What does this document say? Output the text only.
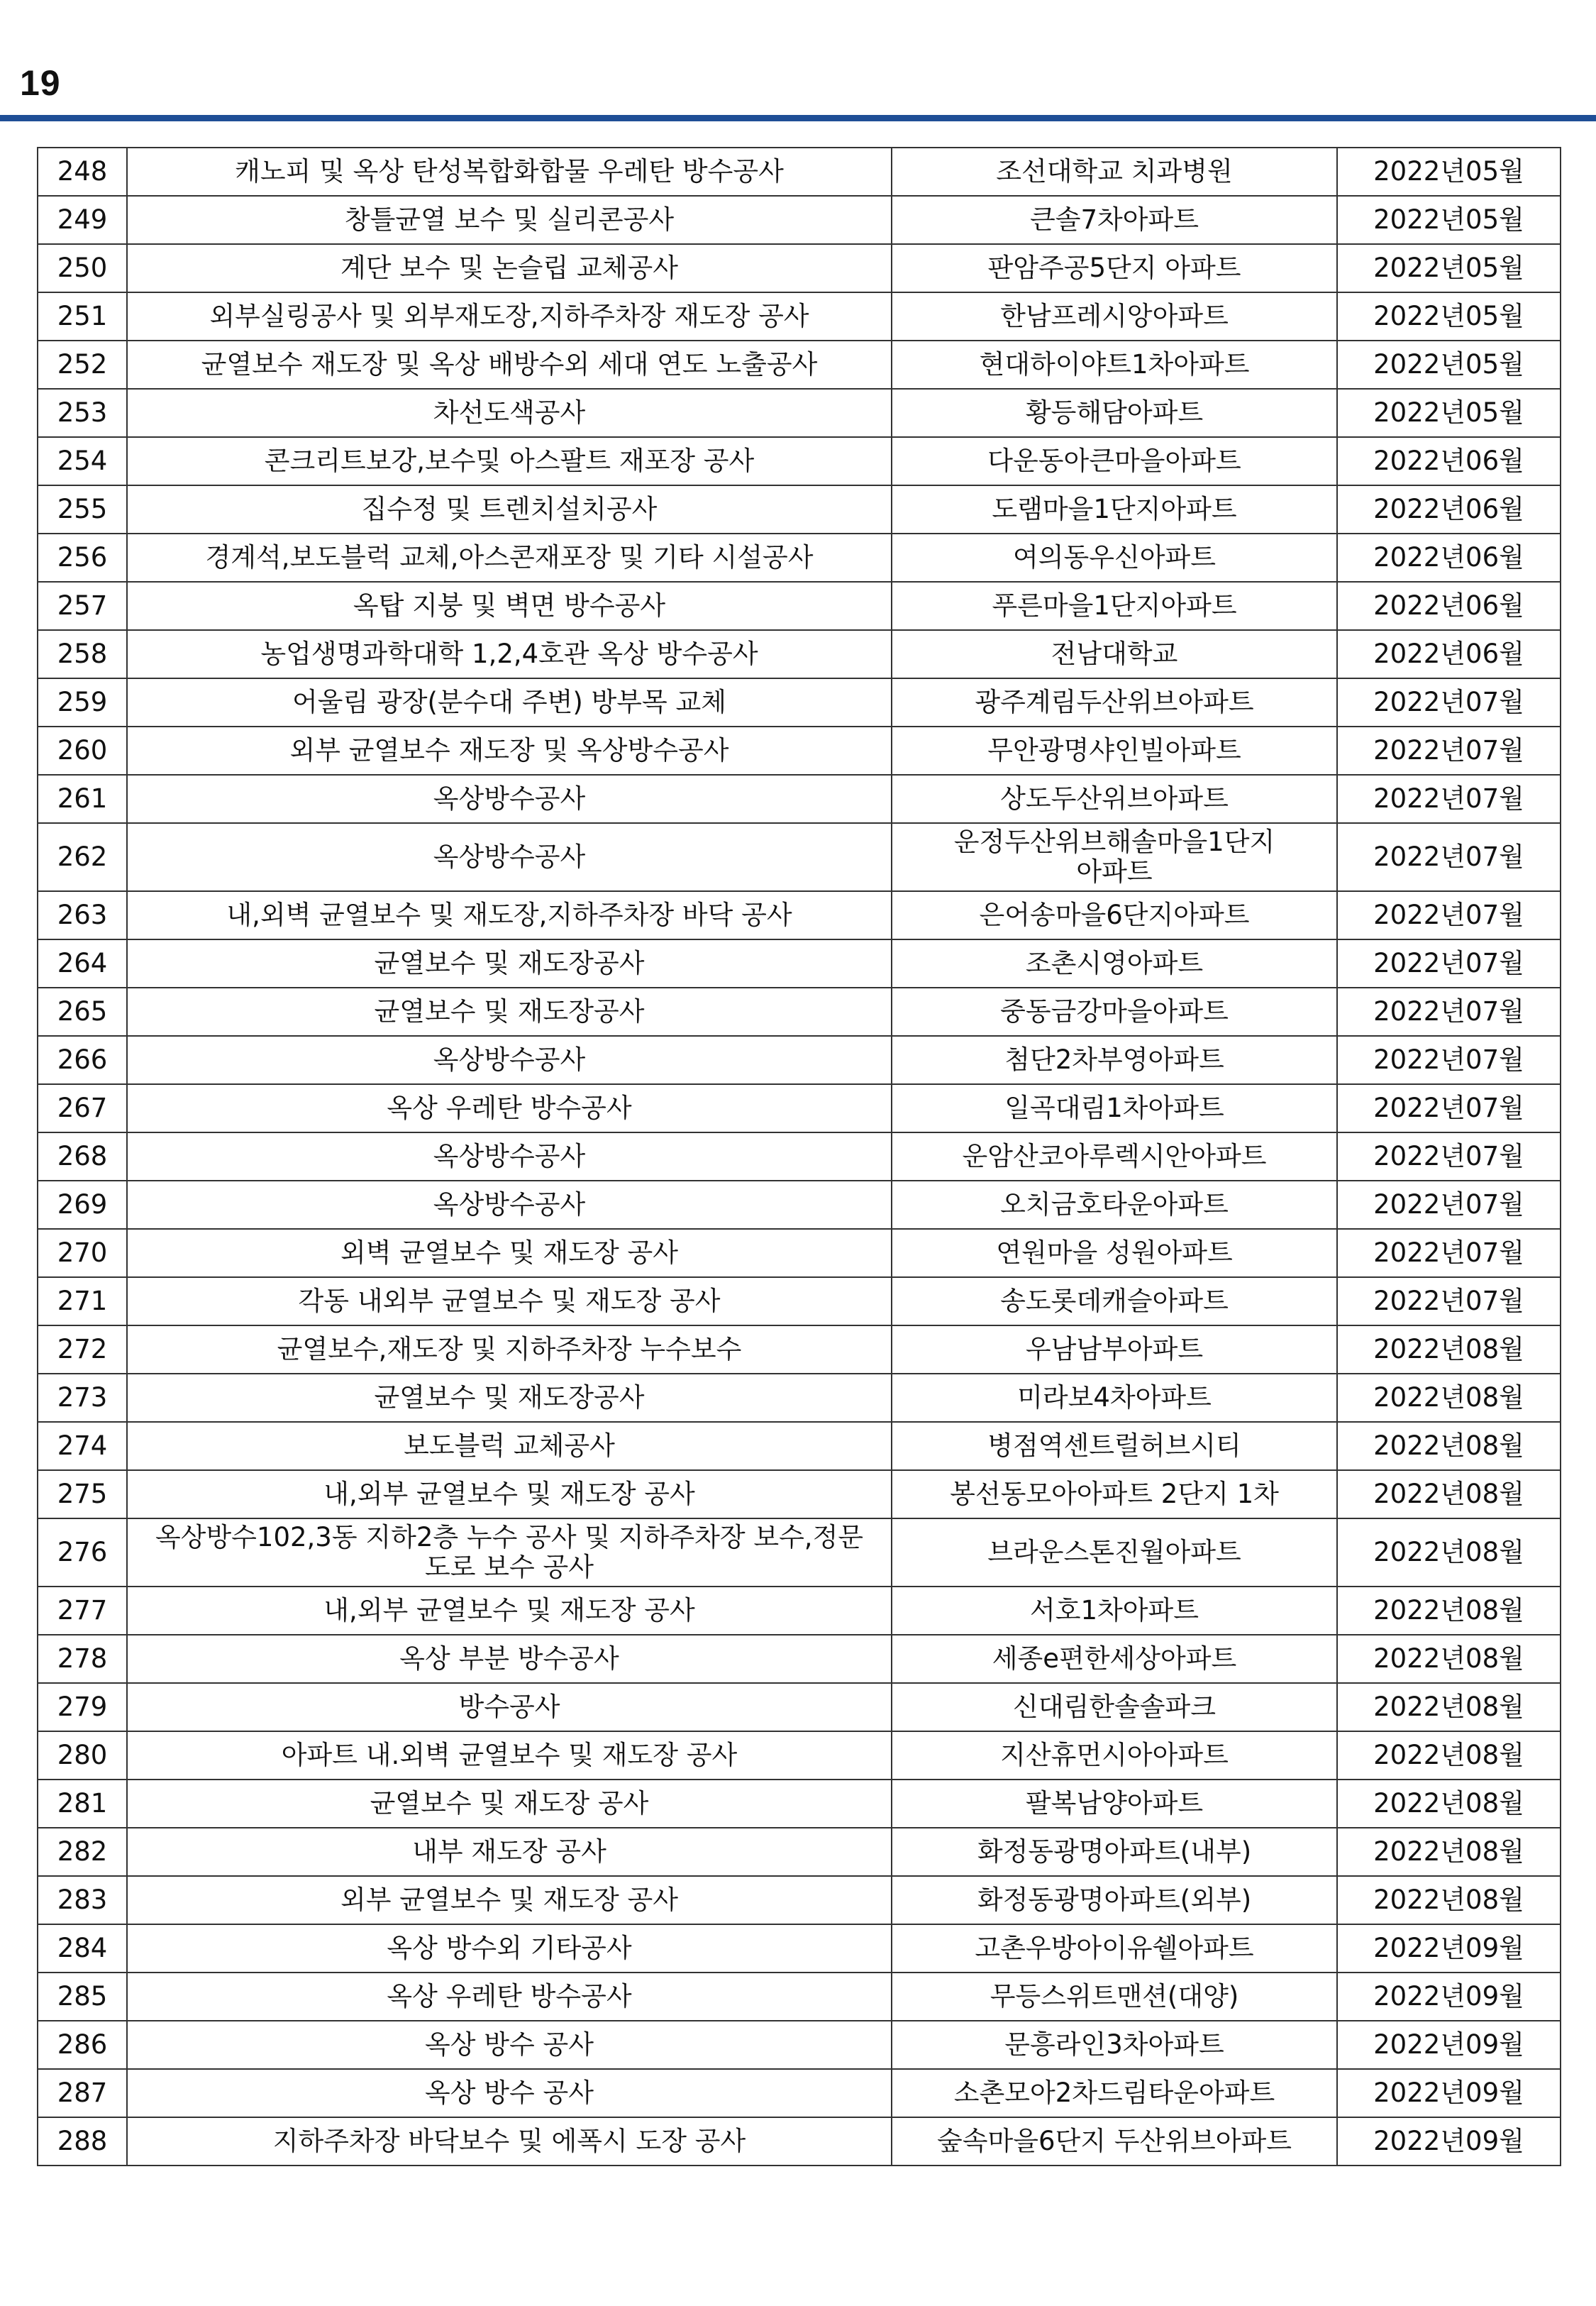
19
248	캐노피 및 옥상 탄성복합화합물 우레탄 방수공사	조선대학교 치과병원	2022년05월
249	창틀균열 보수 및 실리콘공사	큰솔7차아파트	2022년05월
250	계단 보수 및 논슬립 교체공사	판암주공5단지 아파트	2022년05월
251	외부실링공사 및 외부재도장,지하주차장 재도장 공사	한남프레시앙아파트	2022년05월
252	균열보수 재도장 및 옥상 배방수외 세대 연도 노출공사	현대하이야트1차아파트	2022년05월
253	차선도색공사	황등해담아파트	2022년05월
254	콘크리트보강,보수및 아스팔트 재포장 공사	다운동아큰마을아파트	2022년06월
255	집수정 및 트렌치설치공사	도램마을1단지아파트	2022년06월
256	경계석,보도블럭 교체,아스콘재포장 및 기타 시설공사	여의동우신아파트	2022년06월
257	옥탑 지붕 및 벽면 방수공사	푸른마을1단지아파트	2022년06월
258	농업생명과학대학 1,2,4호관 옥상 방수공사	전남대학교	2022년06월
259	어울림 광장(분수대 주변) 방부목 교체	광주계림두산위브아파트	2022년07월
260	외부 균열보수 재도장 및 옥상방수공사	무안광명샤인빌아파트	2022년07월
261	옥상방수공사	상도두산위브아파트	2022년07월
262	옥상방수공사	운정두산위브해솔마을1단지
아파트	2022년07월
263	내,외벽 균열보수 및 재도장,지하주차장 바닥 공사	은어송마을6단지아파트	2022년07월
264	균열보수 및 재도장공사	조촌시영아파트	2022년07월
265	균열보수 및 재도장공사	중동금강마을아파트	2022년07월
266	옥상방수공사	첨단2차부영아파트	2022년07월
267	옥상 우레탄 방수공사	일곡대림1차아파트	2022년07월
268	옥상방수공사	운암산코아루렉시안아파트	2022년07월
269	옥상방수공사	오치금호타운아파트	2022년07월
270	외벽 균열보수 및 재도장 공사	연원마을 성원아파트	2022년07월
271	각동 내외부 균열보수 및 재도장 공사	송도롯데캐슬아파트	2022년07월
272	균열보수,재도장 및 지하주차장 누수보수	우남남부아파트	2022년08월
273	균열보수 및 재도장공사	미라보4차아파트	2022년08월
274	보도블럭 교체공사	병점역센트럴허브시티	2022년08월
275	내,외부 균열보수 및 재도장 공사	봉선동모아아파트 2단지 1차	2022년08월
276	옥상방수102,3동 지하2층 누수 공사 및 지하주차장 보수,정문
도로 보수 공사	브라운스톤진월아파트	2022년08월
277	내,외부 균열보수 및 재도장 공사	서호1차아파트	2022년08월
278	옥상 부분 방수공사	세종e편한세상아파트	2022년08월
279	방수공사	신대림한솔솔파크	2022년08월
280	아파트 내.외벽 균열보수 및 재도장 공사	지산휴먼시아아파트	2022년08월
281	균열보수 및 재도장 공사	팔복남양아파트	2022년08월
282	내부 재도장 공사	화정동광명아파트(내부)	2022년08월
283	외부 균열보수 및 재도장 공사	화정동광명아파트(외부)	2022년08월
284	옥상 방수외 기타공사	고촌우방아이유쉘아파트	2022년09월
285	옥상 우레탄 방수공사	무등스위트맨션(대양)	2022년09월
286	옥상 방수 공사	문흥라인3차아파트	2022년09월
287	옥상 방수 공사	소촌모아2차드림타운아파트	2022년09월
288	지하주차장 바닥보수 및 에폭시 도장 공사	숲속마을6단지 두산위브아파트	2022년09월
